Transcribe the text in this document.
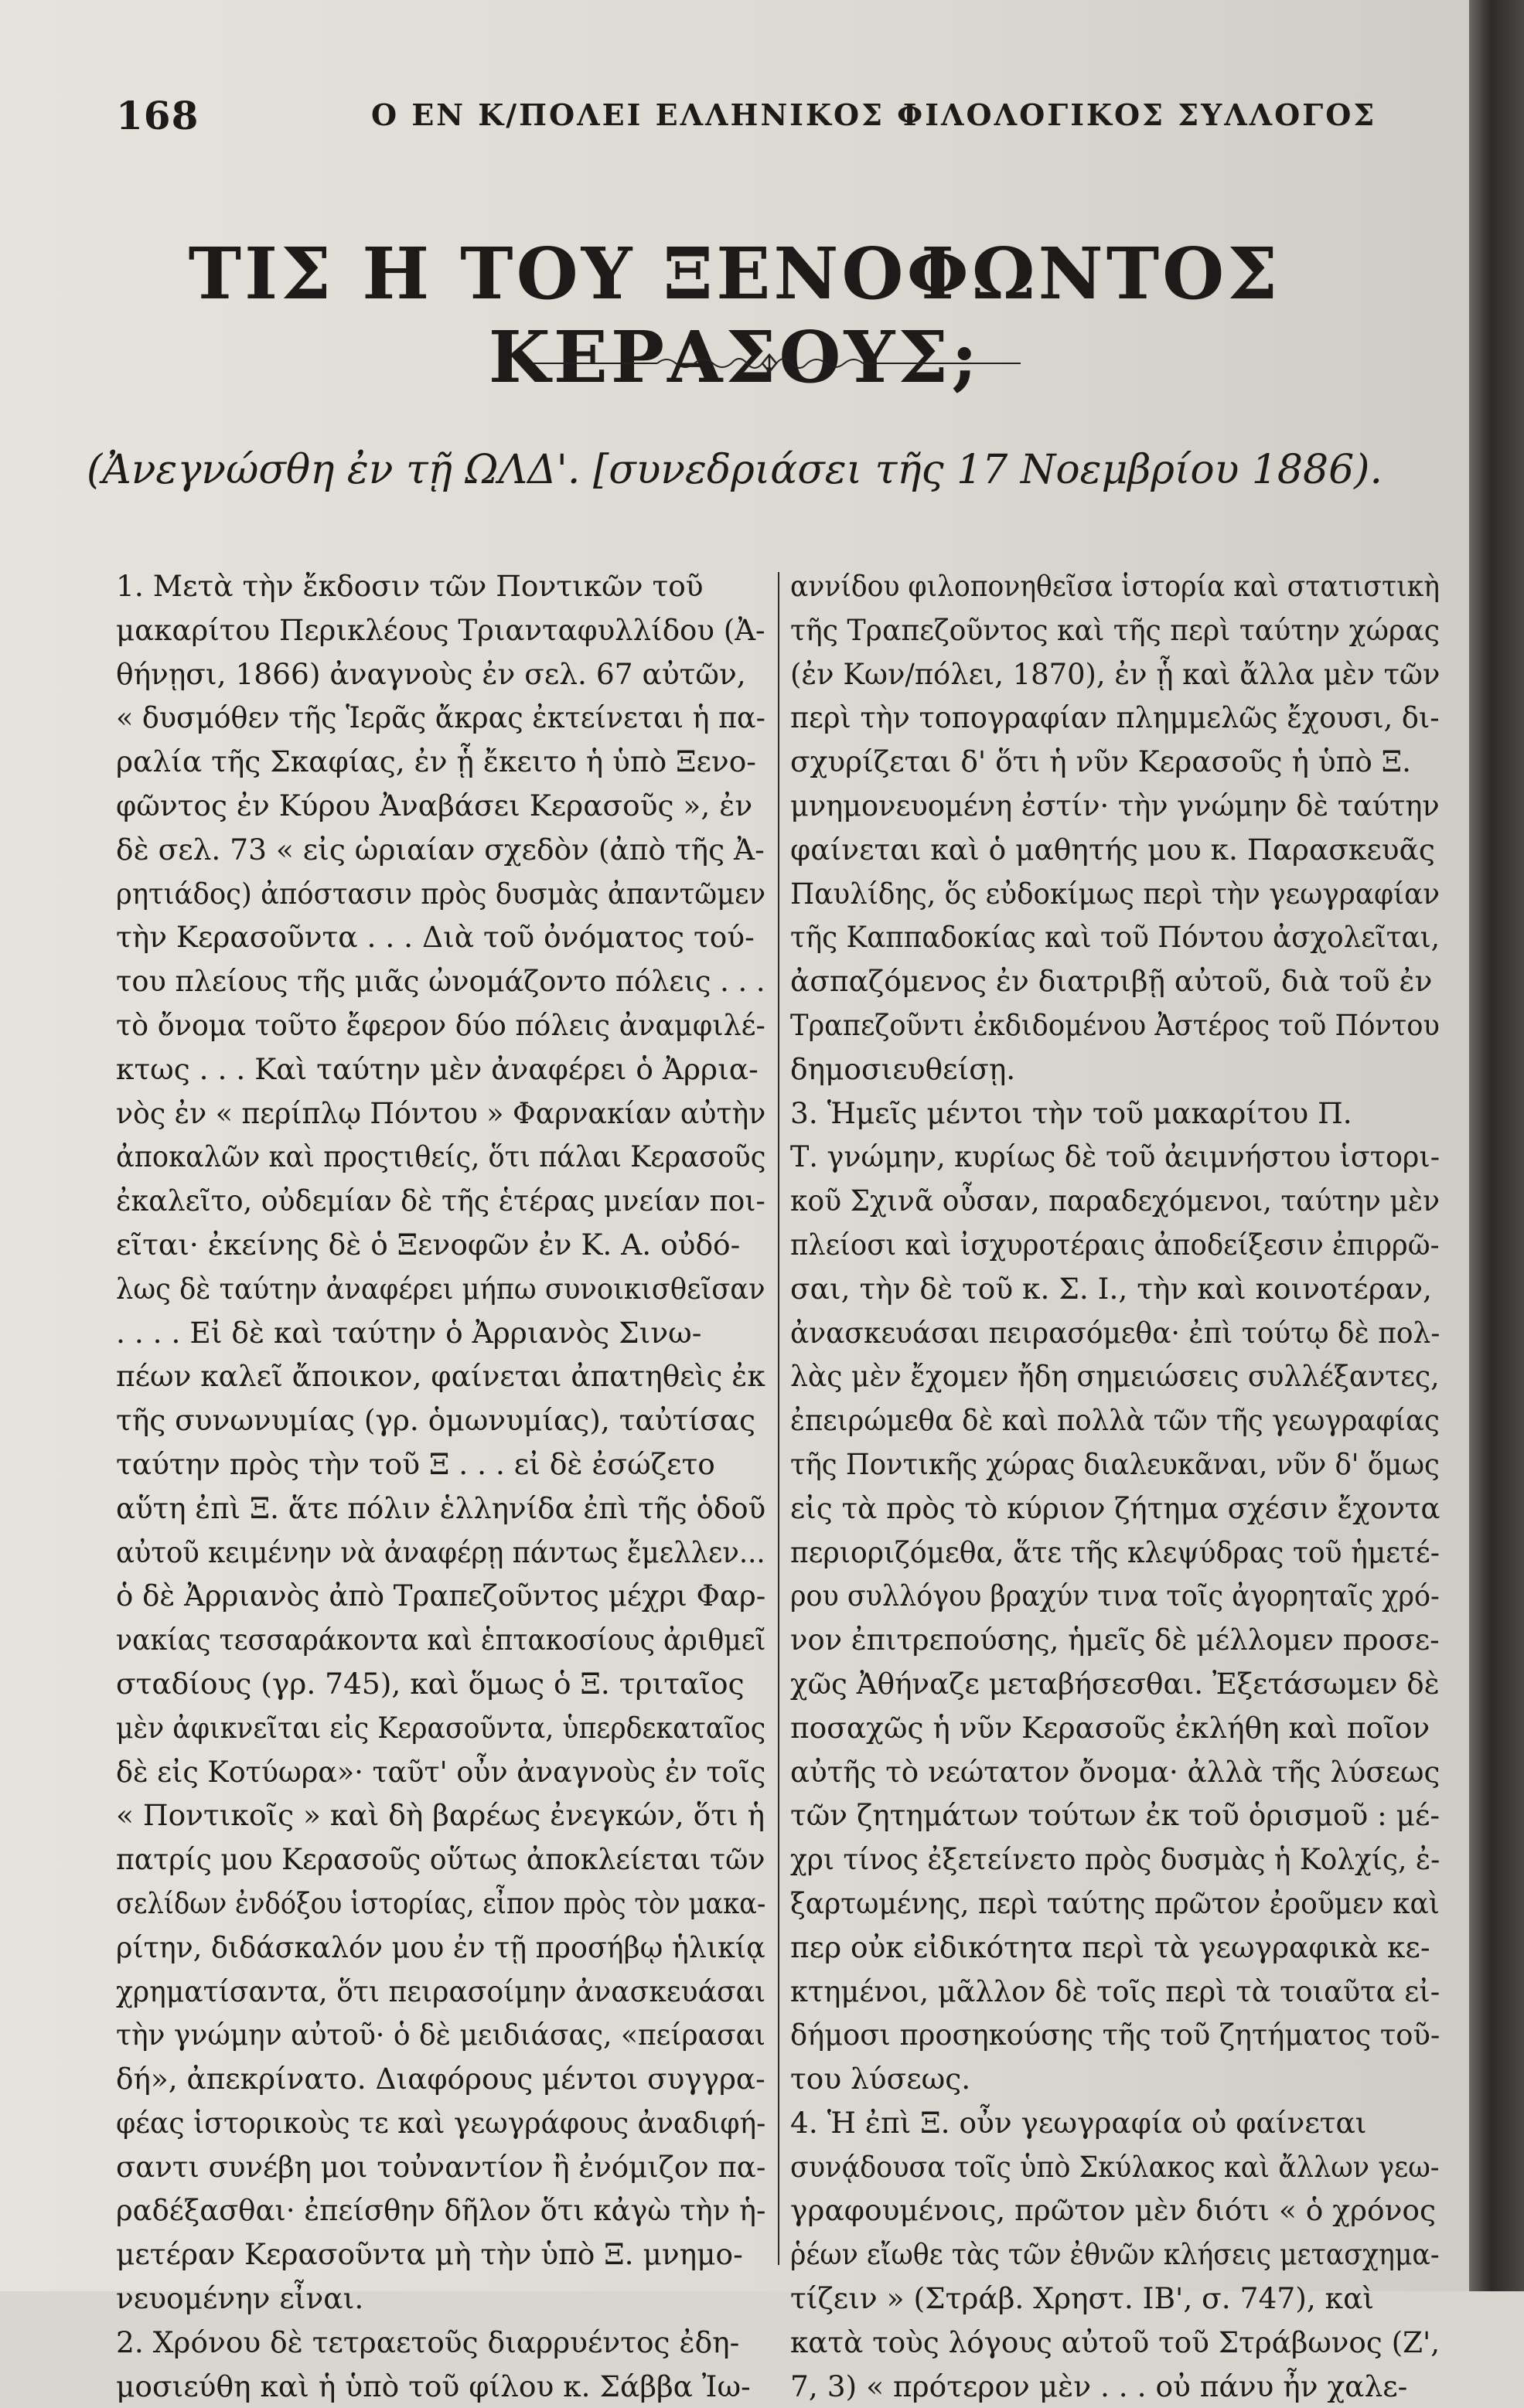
168	Ο ΕΝ Κ/ΠΟΛΕΙ ΕΛΛΗΝΙΚΟΣ ΦΙΛΟΛΟΓΙΚΟΣ ΣΥΛΛΟΓΟΣ
ΤΙΣ Η ΤΟΥ ΞΕΝΟΦΩΝΤΟΣ ΚΕΡΑΣΟΥΣ;
(Ἀνεγνώσθη ἐν τῇ ΩΛΔ'. [συνεδριάσει τῆς 17 Νοεμβρίου 1886).
1. Μετὰ τὴν ἔκδοσιν τῶν Ποντικῶν τοῦ
μακαρίτου Περικλέους Τριανταφυλλίδου (Ἀ-
θήνῃσι, 1866) ἀναγνοὺς ἐν σελ. 67 αὐτῶν,
« δυσμόθεν τῆς Ἱερᾶς ἄκρας ἐκτείνεται ἡ πα-
ραλία τῆς Σκαφίας, ἐν ᾗ ἔκειτο ἡ ὑπὸ Ξενο-
φῶντος ἐν Κύρου Ἀναβάσει Κερασοῦς », ἐν
δὲ σελ. 73 « εἰς ὡριαίαν σχεδὸν (ἀπὸ τῆς Ἀ-
ρητιάδος) ἀπόστασιν πρὸς δυσμὰς ἀπαντῶμεν
τὴν Κερασοῦντα . . . Διὰ τοῦ ὀνόματος τού-
του πλείους τῆς μιᾶς ὠνομάζοντο πόλεις . . .
τὸ ὄνομα τοῦτο ἔφερον δύο πόλεις ἀναμφιλέ-
κτως . . . Καὶ ταύτην μὲν ἀναφέρει ὁ Ἀρρια-
νὸς ἐν « περίπλῳ Πόντου » Φαρνακίαν αὐτὴν
ἀποκαλῶν καὶ προςτιθείς, ὅτι πάλαι Κερασοῦς
ἐκαλεῖτο, οὐδεμίαν δὲ τῆς ἑτέρας μνείαν ποι-
εῖται· ἐκείνης δὲ ὁ Ξενοφῶν ἐν Κ. Α. οὐδό-
λως δὲ ταύτην ἀναφέρει μήπω συνοικισθεῖσαν
. . . . Εἰ δὲ καὶ ταύτην ὁ Ἀρριανὸς Σινω-
πέων καλεῖ ἄποικον, φαίνεται ἀπατηθεὶς ἐκ
τῆς συνωνυμίας (γρ. ὁμωνυμίας), ταὐτίσας
ταύτην πρὸς τὴν τοῦ Ξ . . . εἰ δὲ ἐσώζετο
αὕτη ἐπὶ Ξ. ἅτε πόλιν ἑλληνίδα ἐπὶ τῆς ὁδοῦ
αὐτοῦ κειμένην νὰ ἀναφέρῃ πάντως ἔμελλεν...
ὁ δὲ Ἀρριανὸς ἀπὸ Τραπεζοῦντος μέχρι Φαρ-
νακίας τεσσαράκοντα καὶ ἑπτακοσίους ἀριθμεῖ
σταδίους (γρ. 745), καὶ ὅμως ὁ Ξ. τριταῖος
μὲν ἀφικνεῖται εἰς Κερασοῦντα, ὑπερδεκαταῖος
δὲ εἰς Κοτύωρα»· ταῦτ' οὖν ἀναγνοὺς ἐν τοῖς
« Ποντικοῖς » καὶ δὴ βαρέως ἐνεγκών, ὅτι ἡ
πατρίς μου Κερασοῦς οὕτως ἀποκλείεται τῶν
σελίδων ἐνδόξου ἱστορίας, εἶπον πρὸς τὸν μακα-
ρίτην, διδάσκαλόν μου ἐν τῇ προσήβῳ ἡλικίᾳ
χρηματίσαντα, ὅτι πειρασοίμην ἀνασκευάσαι
τὴν γνώμην αὐτοῦ· ὁ δὲ μειδιάσας, «πείρασαι
δή», ἀπεκρίνατο. Διαφόρους μέντοι συγγρα-
φέας ἱστορικοὺς τε καὶ γεωγράφους ἀναδιφή-
σαντι συνέβη μοι τοὐναντίον ἢ ἐνόμιζον πα-
ραδέξασθαι· ἐπείσθην δῆλον ὅτι κἀγὼ τὴν ἡ-
μετέραν Κερασοῦντα μὴ τὴν ὑπὸ Ξ. μνημο-
νευομένην εἶναι.
2. Χρόνου δὲ τετραετοῦς διαρρυέντος ἐδη-
μοσιεύθη καὶ ἡ ὑπὸ τοῦ φίλου κ. Σάββα Ἰω-
αννίδου φιλοπονηθεῖσα ἱστορία καὶ στατιστικὴ
τῆς Τραπεζοῦντος καὶ τῆς περὶ ταύτην χώρας
(ἐν Κων/πόλει, 1870), ἐν ᾗ καὶ ἄλλα μὲν τῶν
περὶ τὴν τοπογραφίαν πλημμελῶς ἔχουσι, δι-
σχυρίζεται δ' ὅτι ἡ νῦν Κερασοῦς ἡ ὑπὸ Ξ.
μνημονευομένη ἐστίν· τὴν γνώμην δὲ ταύτην
φαίνεται καὶ ὁ μαθητής μου κ. Παρασκευᾶς
Παυλίδης, ὅς εὐδοκίμως περὶ τὴν γεωγραφίαν
τῆς Καππαδοκίας καὶ τοῦ Πόντου ἀσχολεῖται,
ἀσπαζόμενος ἐν διατριβῇ αὐτοῦ, διὰ τοῦ ἐν
Τραπεζοῦντι ἐκδιδομένου Ἀστέρος τοῦ Πόντου
δημοσιευθείσῃ.
3. Ἡμεῖς μέντοι τὴν τοῦ μακαρίτου Π.
Τ. γνώμην, κυρίως δὲ τοῦ ἀειμνήστου ἱστορι-
κοῦ Σχινᾶ οὖσαν, παραδεχόμενοι, ταύτην μὲν
πλείοσι καὶ ἰσχυροτέραις ἀποδείξεσιν ἐπιρρῶ-
σαι, τὴν δὲ τοῦ κ. Σ. Ι., τὴν καὶ κοινοτέραν,
ἀνασκευάσαι πειρασόμεθα· ἐπὶ τούτῳ δὲ πολ-
λὰς μὲν ἔχομεν ἤδη σημειώσεις συλλέξαντες,
ἐπειρώμεθα δὲ καὶ πολλὰ τῶν τῆς γεωγραφίας
τῆς Ποντικῆς χώρας διαλευκᾶναι, νῦν δ' ὅμως
εἰς τὰ πρὸς τὸ κύριον ζήτημα σχέσιν ἔχοντα
περιοριζόμεθα, ἅτε τῆς κλεψύδρας τοῦ ἡμετέ-
ρου συλλόγου βραχύν τινα τοῖς ἀγορηταῖς χρό-
νον ἐπιτρεπούσης, ἡμεῖς δὲ μέλλομεν προσε-
χῶς Ἀθήναζε μεταβήσεσθαι. Ἐξετάσωμεν δὲ
ποσαχῶς ἡ νῦν Κερασοῦς ἐκλήθη καὶ ποῖον
αὐτῆς τὸ νεώτατον ὄνομα· ἀλλὰ τῆς λύσεως
τῶν ζητημάτων τούτων ἐκ τοῦ ὁρισμοῦ : μέ-
χρι τίνος ἐξετείνετο πρὸς δυσμὰς ἡ Κολχίς, ἐ-
ξαρτωμένης, περὶ ταύτης πρῶτον ἐρoῦμεν καὶ
περ οὐκ εἰδικότητα περὶ τὰ γεωγραφικὰ κε-
κτημένοι, μᾶλλον δὲ τοῖς περὶ τὰ τοιαῦτα εἰ-
δήμοσι προσηκούσης τῆς τοῦ ζητήματος τοῦ-
του λύσεως.
4. Ἡ ἐπὶ Ξ. οὖν γεωγραφία οὐ φαίνεται
συνᾴδουσα τοῖς ὑπὸ Σκύλακος καὶ ἄλλων γεω-
γραφουμένοις, πρῶτον μὲν διότι « ὁ χρόνος
ῥέων εἴωθε τὰς τῶν ἐθνῶν κλήσεις μετασχημα-
τίζειν » (Στράβ. Χρηστ. ΙΒ', σ. 747), καὶ
κατὰ τοὺς λόγους αὐτοῦ τοῦ Στράβωνος (Ζ',
7, 3) « πρότερον μὲν . . . οὐ πάνυ ἦν χαλε-
